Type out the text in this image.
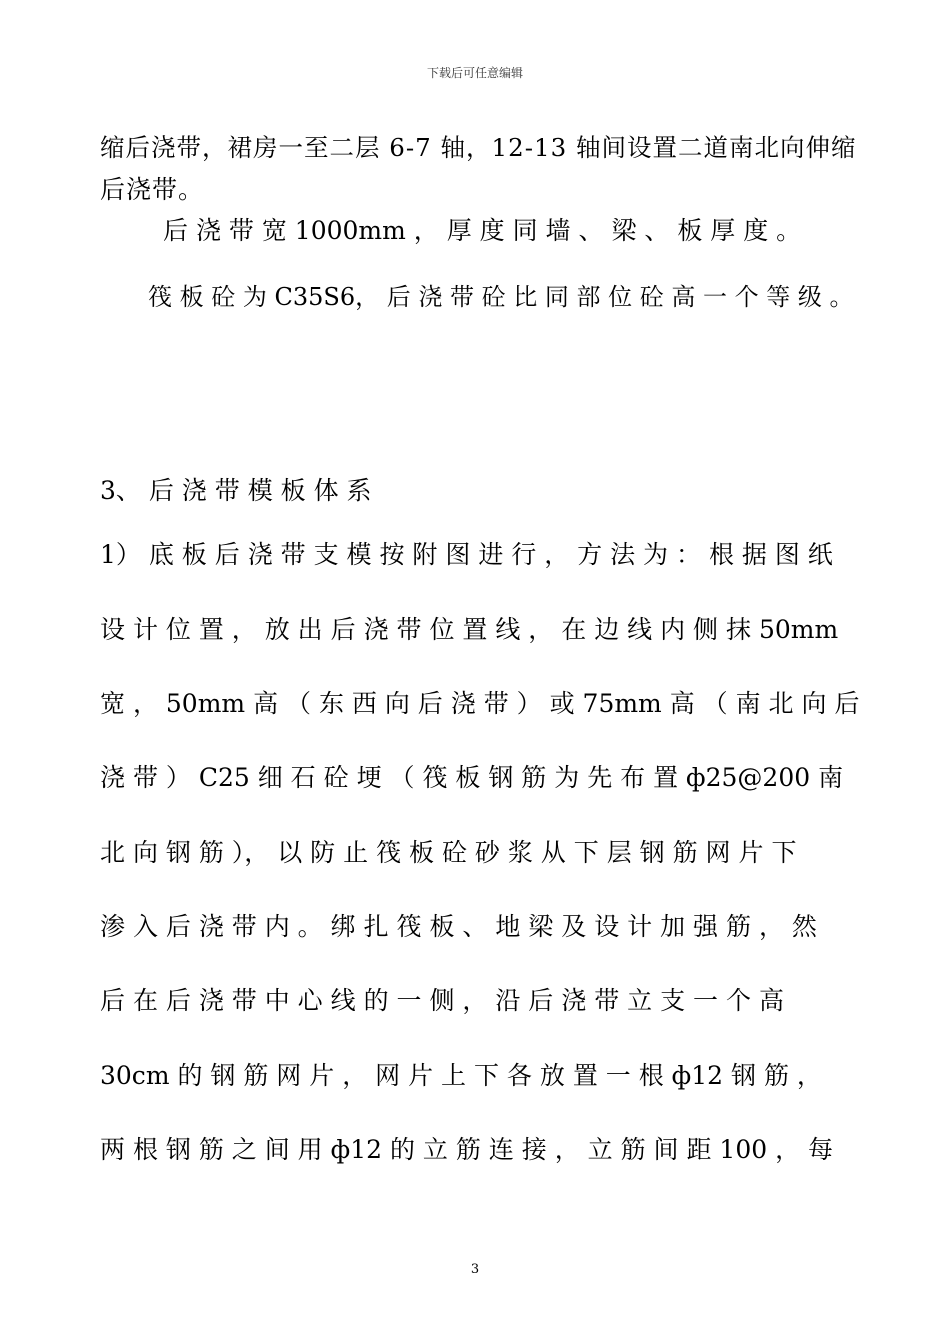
下载后可任意编辑
缩后浇带，裙房一至二层 6-7 轴，12-13 轴间设置二道南北向伸缩
后浇带。
后 浇 带 宽 1000mm ， 厚 度 同 墙 、 梁 、 板 厚 度 。
筏 板 砼 为 C35S6， 后 浇 带 砼 比 同 部 位 砼 高 一 个 等 级 。
3、 后 浇 带 模 板 体 系
1） 底 板 后 浇 带 支 模 按 附 图 进 行 ， 方 法 为 ： 根 据 图 纸
设 计 位 置 ， 放 出 后 浇 带 位 置 线 ， 在 边 线 内 侧 抹 50mm
宽 ， 50mm 高 （ 东 西 向 后 浇 带 ） 或 75mm 高 （ 南 北 向 后
浇 带 ） C25 细 石 砼 埂 （ 筏 板 钢 筋 为 先 布 置 ф25@200 南
北 向 钢 筋 ）， 以 防 止 筏 板 砼 砂 浆 从 下 层 钢 筋 网 片 下
渗 入 后 浇 带 内 。 绑 扎 筏 板 、 地 梁 及 设 计 加 强 筋 ， 然
后 在 后 浇 带 中 心 线 的 一 侧 ， 沿 后 浇 带 立 支 一 个 高
30cm 的 钢 筋 网 片 ， 网 片 上 下 各 放 置 一 根 ф12 钢 筋 ，
两 根 钢 筋 之 间 用 ф12 的 立 筋 连 接 ， 立 筋 间 距 100 ， 每
3
